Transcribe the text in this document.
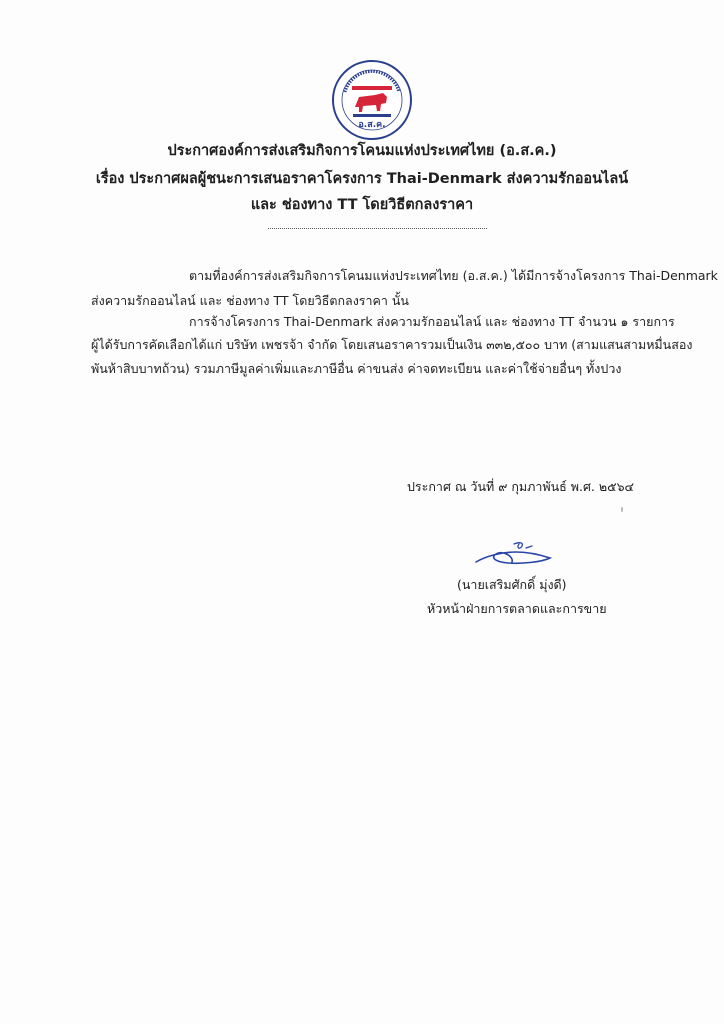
อ.ส.ค.
ประกาศองค์การส่งเสริมกิจการโคนมแห่งประเทศไทย (อ.ส.ค.)
เรื่อง ประกาศผลผู้ชนะการเสนอราคาโครงการ Thai-Denmark ส่งความรักออนไลน์
และ ช่องทาง TT โดยวิธีตกลงราคา
ตามที่องค์การส่งเสริมกิจการโคนมแห่งประเทศไทย (อ.ส.ค.) ได้มีการจ้างโครงการ Thai-Denmark
ส่งความรักออนไลน์ และ ช่องทาง TT โดยวิธีตกลงราคา นั้น
การจ้างโครงการ Thai-Denmark ส่งความรักออนไลน์ และ ช่องทาง TT จำนวน ๑ รายการ
ผู้ได้รับการคัดเลือกได้แก่ บริษัท เพชรจ้า จำกัด โดยเสนอราคารวมเป็นเงิน ๓๓๒,๕๐๐ บาท (สามแสนสามหมื่นสอง
พันห้าสิบบาทถ้วน) รวมภาษีมูลค่าเพิ่มและภาษีอื่น ค่าขนส่ง ค่าจดทะเบียน และค่าใช้จ่ายอื่นๆ ทั้งปวง
ประกาศ ณ วันที่ ๙ กุมภาพันธ์ พ.ศ. ๒๕๖๔
(นายเสริมศักดิ์ มุ่งดี)
หัวหน้าฝ่ายการตลาดและการขาย
